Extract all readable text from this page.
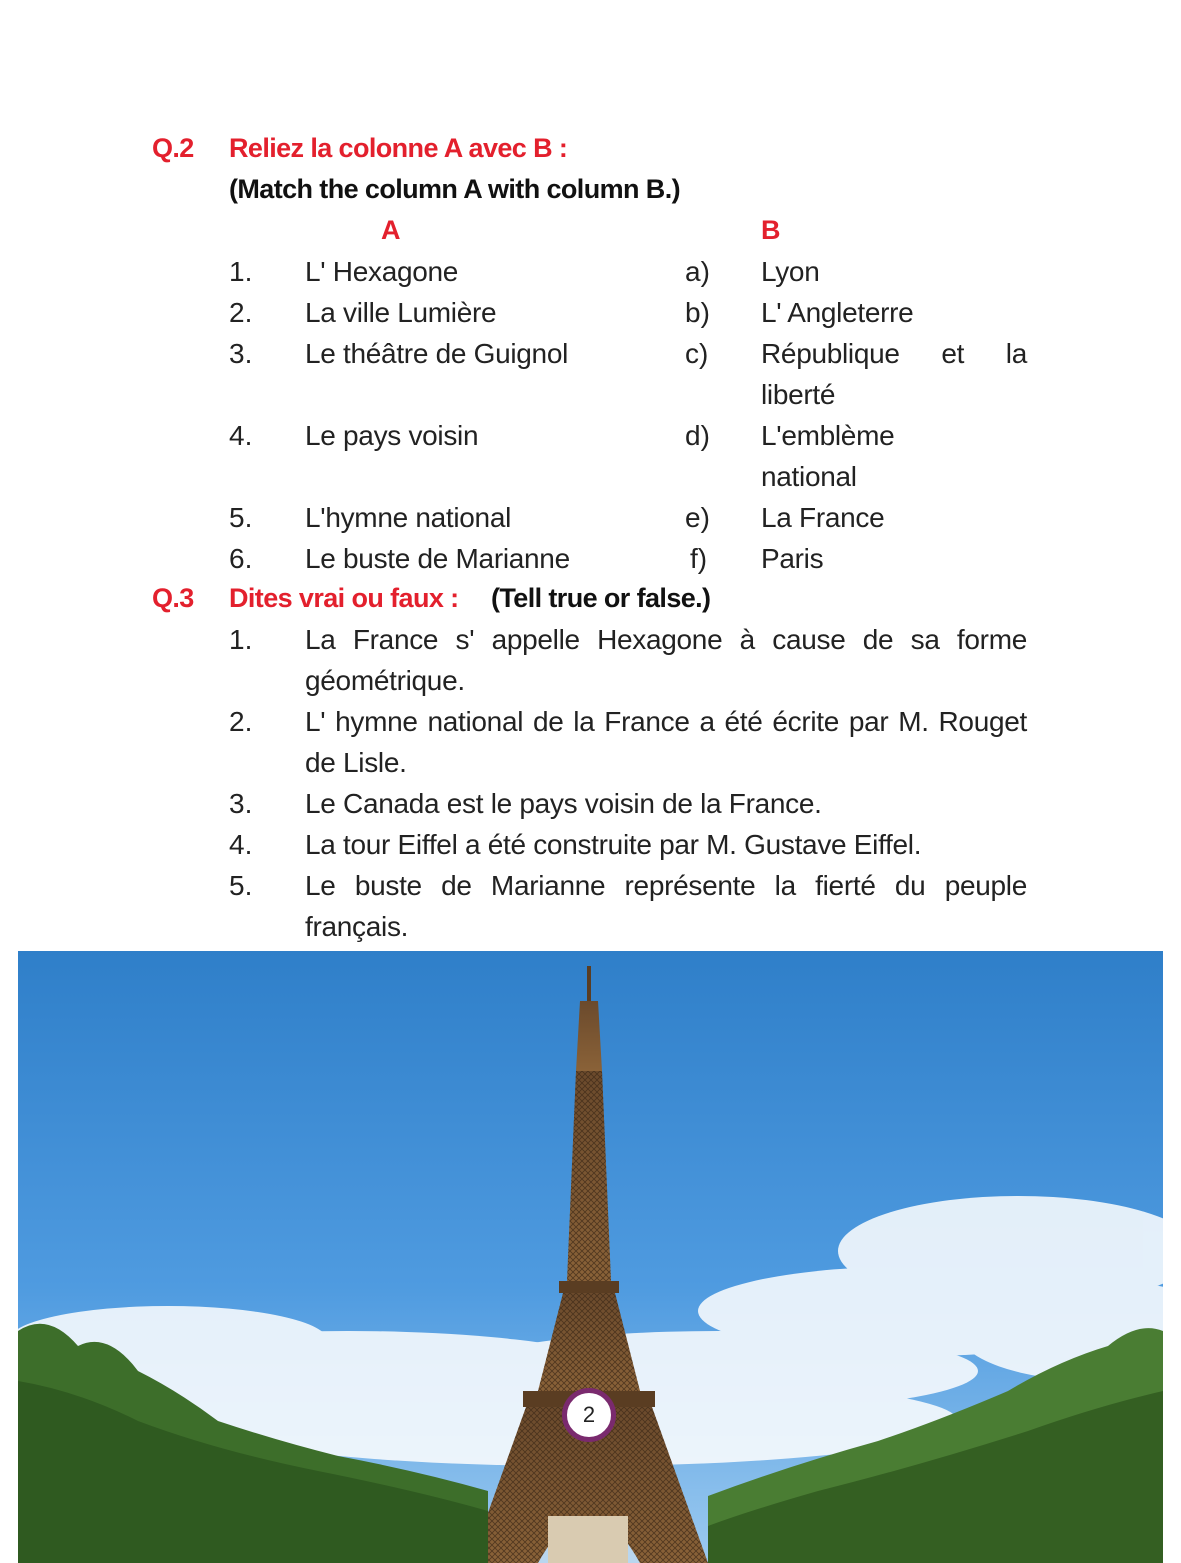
Q.2 Reliez la colonne A avec B :
(Match the column A with column B.)
A	B
1. L' Hexagone	a) Lyon
2. La ville Lumière	b) L' Angleterre
3. Le théâtre de Guignol	c) République et la liberté
4. Le pays voisin	d) L'emblème national
5. L'hymne national	e) La France
6. Le buste de Marianne	f) Paris
Q.3 Dites vrai ou faux : (Tell true or false.)
1. La France s' appelle Hexagone à cause de sa forme géométrique.
2. L' hymne national de la France a été écrite par M. Rouget de Lisle.
3. Le Canada est le pays voisin de la France.
4. La tour Eiffel a été construite par M. Gustave Eiffel.
5. Le buste de Marianne représente la fierté du peuple français.
2
